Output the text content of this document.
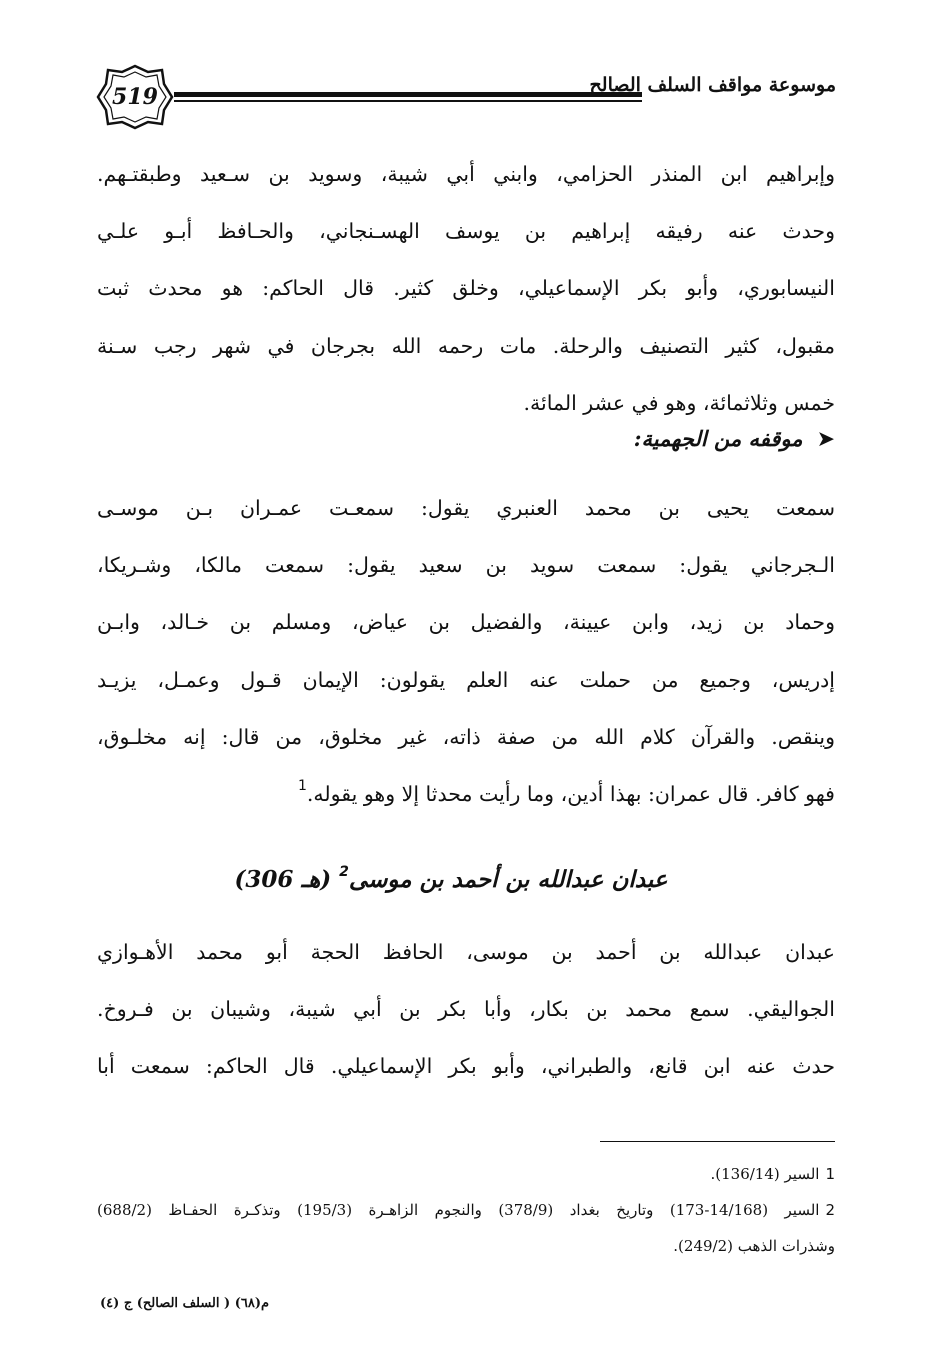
519	موسوعة مواقف السلف الصالح
وإبراهيم ابن المنذر الحزامي، وابني أبي شيبة، وسويد بن سـعيد وطبقتـهم.
وحدث عنه رفيقه إبراهيم بن يوسف الهسـنجاني، والحـافظ أبـو علـي
النيسابوري، وأبو بكر الإسماعيلي، وخلق كثير. قال الحاكم: هو محدث ثبت
مقبول، كثير التصنيف والرحلة. مات رحمه الله بجرجان في شهر رجب سـنة
خمس وثلاثمائة، وهو في عشر المائة.
➤موقفه من الجهمية:
سمعت يحيى بن محمد العنبري يقول: سمعـت عمـران بـن موسـى
الـجرجاني يقول: سمعت سويد بن سعيد يقول: سمعت مالكا، وشـريكا،
وحماد بن زيد، وابن عيينة، والفضيل بن عياض، ومسلم بن خـالد، وابـن
إدريس، وجميع من حملت عنه العلم يقولون: الإيمان قـول وعمـل، يزيـد
وينقص. والقرآن كلام الله من صفة ذاته، غير مخلوق، من قال: إنه مخلـوق،
فهو كافر. قال عمران: بهذا أدين، وما رأيت محدثا إلا وهو يقوله.$^1$
عبدان عبدالله بن أحمد بن موسى$^2$ (306 هـ)
عبدان عبدالله بن أحمد بن موسى، الحافظ الحجة أبو محمد الأهـوازي
الجواليقي. سمع محمد بن بكار، وأبا بكر بن أبي شيبة، وشيبان بن فـروخ.
حدث عنه ابن قانع، والطبراني، وأبو بكر الإسماعيلي. قال الحاكم: سمعت أبا
1السير (136/14).
2السير (14/168-173) وتاريخ بغداد (378/9) والنجوم الزاهـرة (195/3) وتذكـرة الحفـاظ (688/2)
وشذرات الذهب (249/2).
م(٦٨) ( السلف الصالح) ج (٤)
